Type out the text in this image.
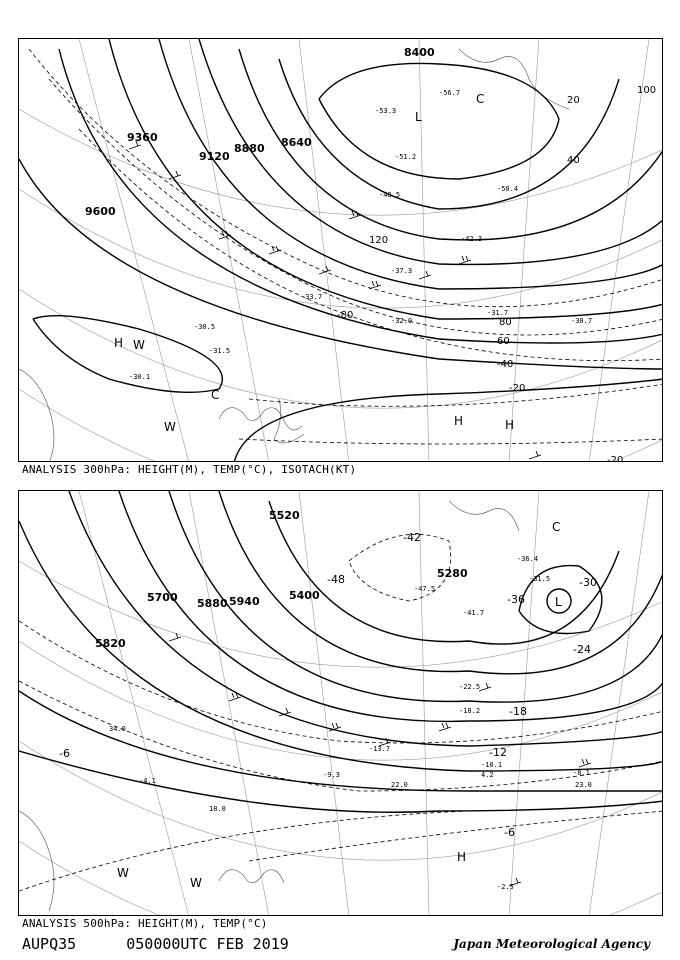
8400
8640
8880
9120
9360
9600
20
40
60
80
100
120
-20
-40
-80
-20
L
C
C
H
H	H
W
W
-30.1
-31.5
-30.5
-32.0
-33.7
-31.7
-37.3
-42.3
-48.5
-50.4
-51.2
-53.3
-56.7
-30.7
ANALYSIS 300hPa: HEIGHT(M), TEMP(°C), ISOTACH(KT)
5700
5820
5880 5940
5280
5400
5520
-6
-12
-18
-24
-30
-36
-42
-48
-6
L
C
H
W
W
-8.1
-9.3
-10.1
-4.1
-2.5
-13.7
-18.2
-22.5
-31.5
-36.4
-41.7
-47.5
34.0
22.0	23.0
4.2
18.0
ANALYSIS 500hPa: HEIGHT(M), TEMP(°C)
AUPQ35	050000UTC FEB 2019	Japan Meteorological Agency
